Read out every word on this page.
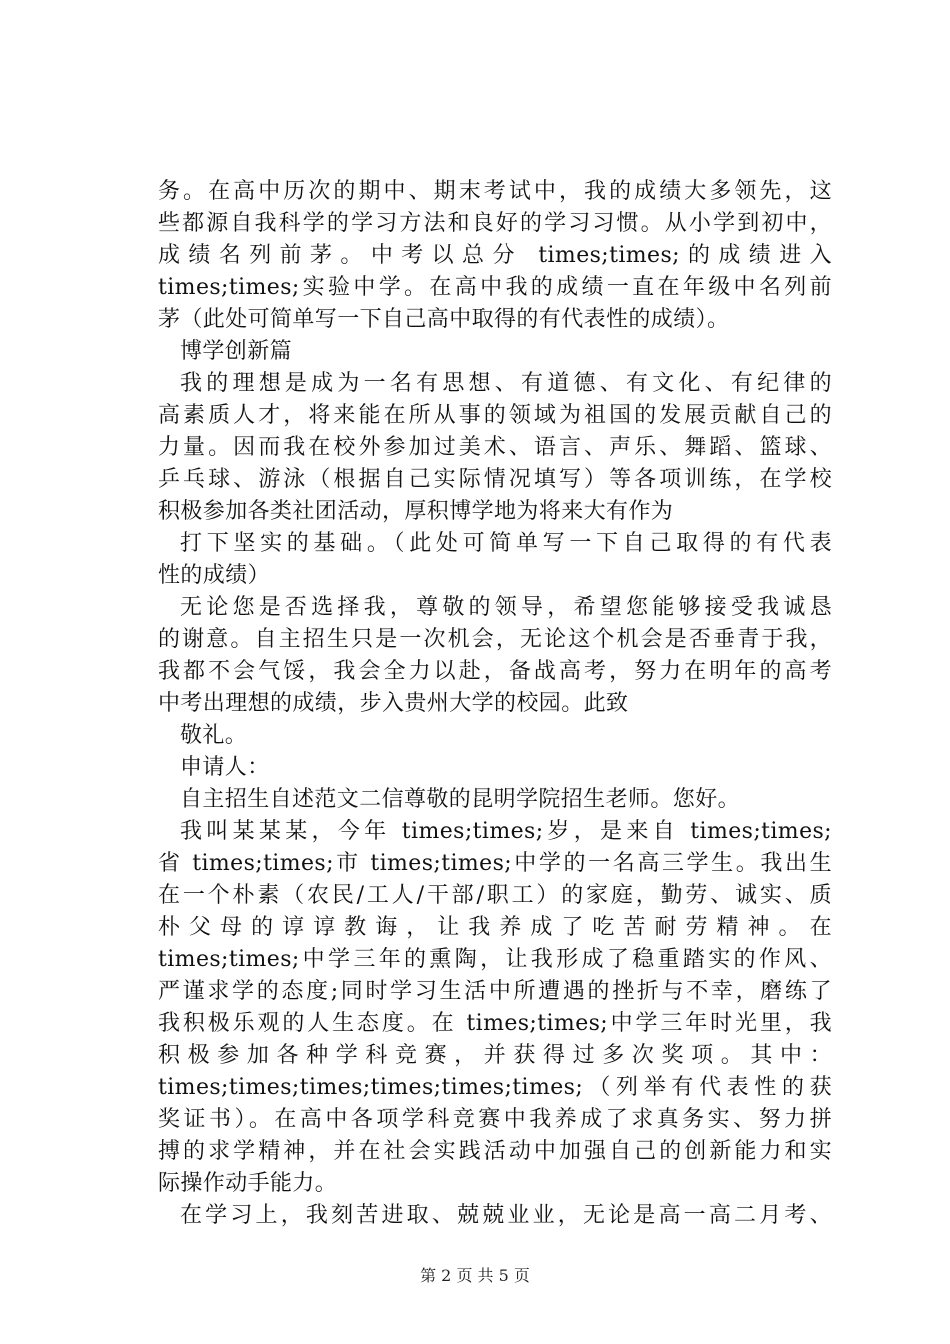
务。在高中历次的期中、期末考试中，我的成绩大多领先，这
些都源自我科学的学习方法和良好的学习习惯。从小学到初中，
成绩名列前茅。中考以总分 times;times;的成绩进入
times;times;实验中学。在高中我的成绩一直在年级中名列前
茅（此处可简单写一下自己高中取得的有代表性的成绩）。
博学创新篇
我的理想是成为一名有思想、有道德、有文化、有纪律的
高素质人才，将来能在所从事的领域为祖国的发展贡献自己的
力量。因而我在校外参加过美术、语言、声乐、舞蹈、篮球、
乒乓球、游泳（根据自己实际情况填写）等各项训练，在学校
积极参加各类社团活动，厚积博学地为将来大有作为
打下坚实的基础。（此处可简单写一下自己取得的有代表
性的成绩）
无论您是否选择我，尊敬的领导，希望您能够接受我诚恳
的谢意。自主招生只是一次机会，无论这个机会是否垂青于我，
我都不会气馁，我会全力以赴，备战高考，努力在明年的高考
中考出理想的成绩，步入贵州大学的校园。此致
敬礼。
申请人：
自主招生自述范文二信尊敬的昆明学院招生老师。您好。
我叫某某某，今年 times;times;岁，是来自 times;times;
省 times;times;市 times;times;中学的一名高三学生。我出生
在一个朴素（农民/工人/干部/职工）的家庭，勤劳、诚实、质
朴父母的谆谆教诲，让我养成了吃苦耐劳精神。在
times;times;中学三年的熏陶，让我形成了稳重踏实的作风、
严谨求学的态度;同时学习生活中所遭遇的挫折与不幸，磨练了
我积极乐观的人生态度。在 times;times;中学三年时光里，我
积极参加各种学科竞赛，并获得过多次奖项。其中：
times;times;times;times;times;times;（列举有代表性的获
奖证书）。在高中各项学科竞赛中我养成了求真务实、努力拼
搏的求学精神，并在社会实践活动中加强自己的创新能力和实
际操作动手能力。
在学习上，我刻苦进取、兢兢业业，无论是高一高二月考、
第 2 页 共 5 页
